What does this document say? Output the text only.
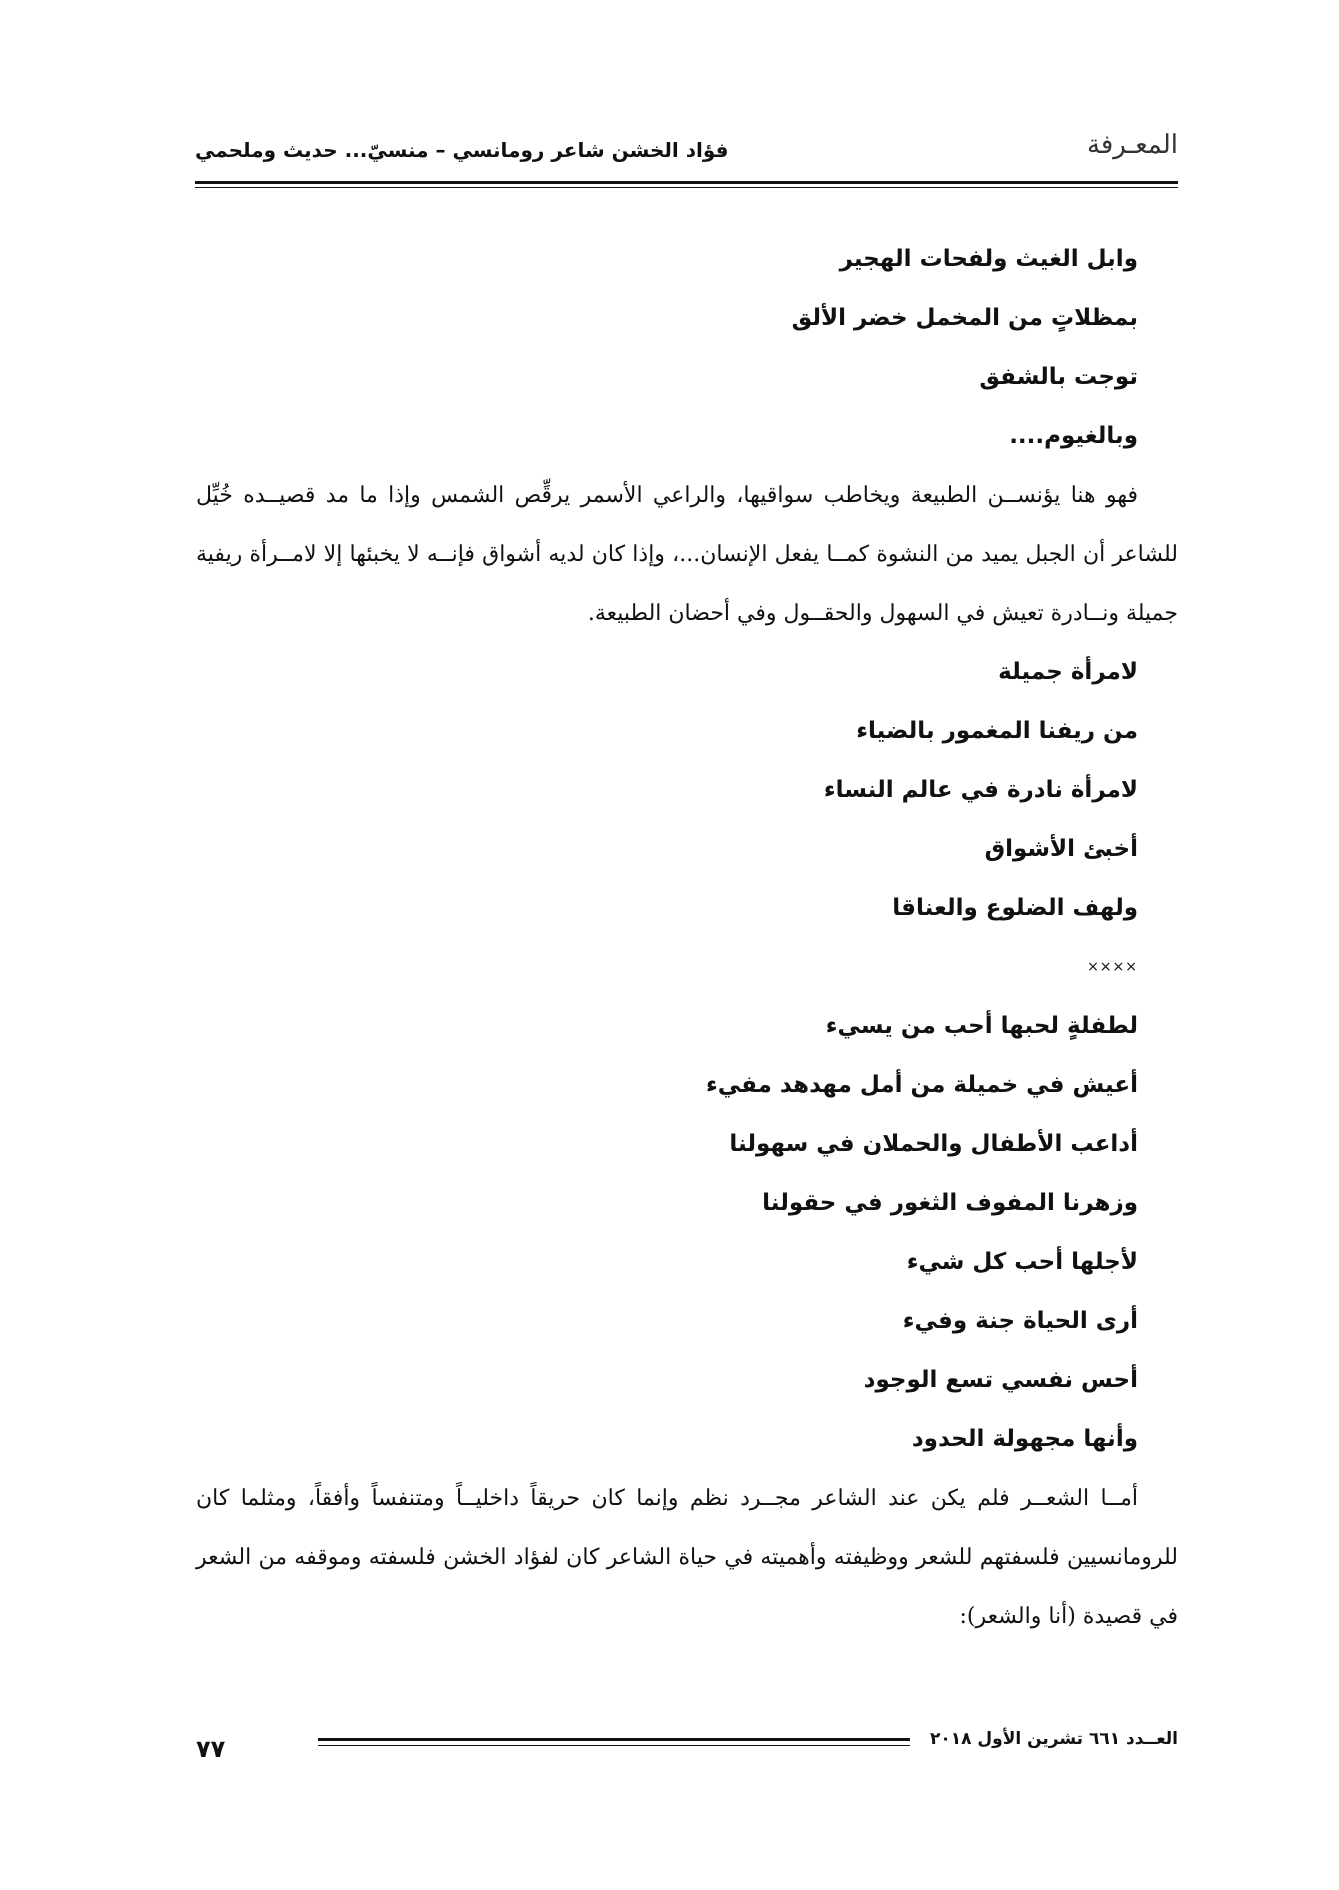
فؤاد الخشن شاعر رومانسي – منسيّ... حديث وملحمي	المعـرفة
وابل الغيث ولفحات الهجير
بمظلاتٍ من المخمل خضر الألق
توجت بالشفق
وبالغيوم....

فهو هنا يؤنســن الطبيعة ويخاطب سواقيها، والراعي الأسمر يرقِّص الشمس وإذا ما مد قصيــده خُيِّل للشاعر أن الجبل يميد من النشوة كمــا يفعل الإنسان...، وإذا كان لديه أشواق فإنــه لا يخبئها إلا لامــرأة ريفية جميلة ونــادرة تعيش في السهول والحقــول وفي أحضان الطبيعة.

لامرأة جميلة
من ريفنا المغمور بالضياء
لامرأة نادرة في عالم النساء
أخبئ الأشواق
ولهف الضلوع والعناقا
××××
لطفلةٍ لحبها أحب من يسيء
أعيش في خميلة من أمل مهدهد مفيء
أداعب الأطفال والحملان في سهولنا
وزهرنا المفوف الثغور في حقولنا
لأجلها أحب كل شيء
أرى الحياة جنة وفيء
أحس نفسي تسع الوجود
وأنها مجهولة الحدود

أمــا الشعــر فلم يكن عند الشاعر مجــرد نظم وإنما كان حريقاً داخليــاً ومتنفساً وأفقاً، ومثلما كان للرومانسيين فلسفتهم للشعر ووظيفته وأهميته في حياة الشاعر كان لفؤاد الخشن فلسفته وموقفه من الشعر في قصيدة (أنا والشعر):

٧٧	العــدد ٦٦١ تشرين الأول ٢٠١٨
